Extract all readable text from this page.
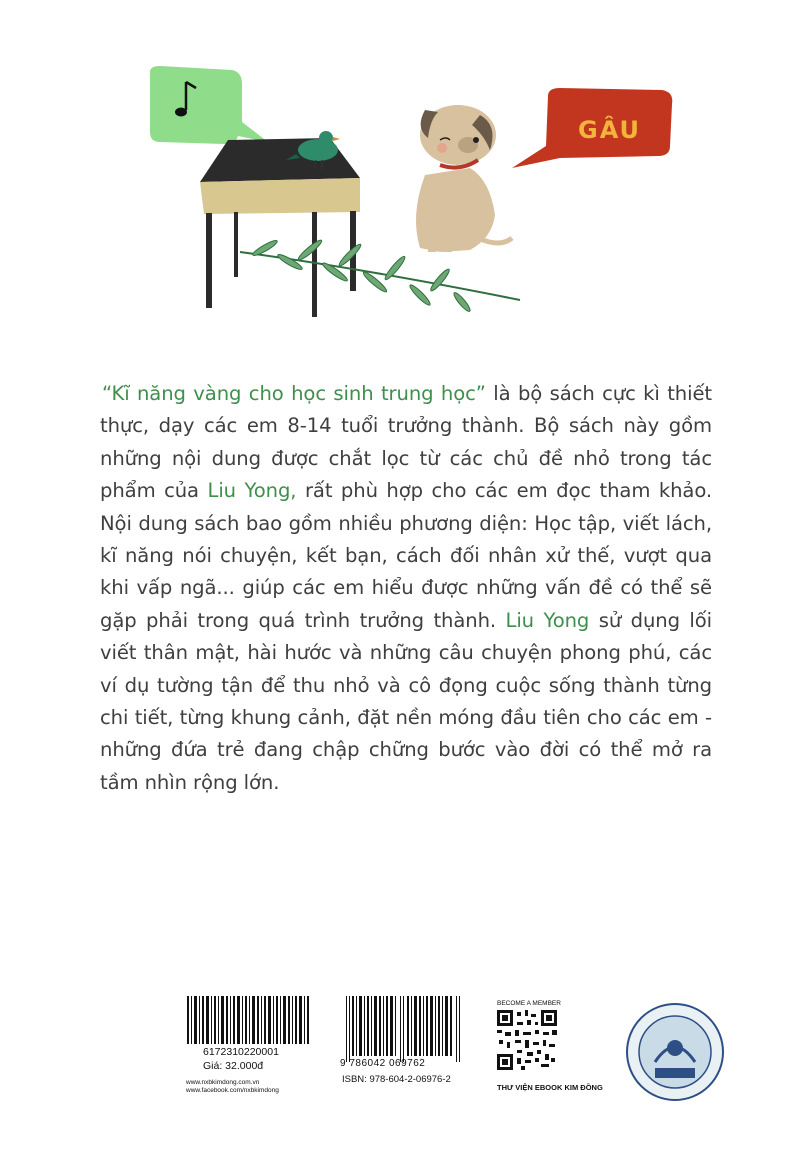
GÂU
“Kĩ năng vàng cho học sinh trung học” là bộ sách cực kì thiết thực, dạy các em 8-14 tuổi trưởng thành. Bộ sách này gồm những nội dung được chắt lọc từ các chủ đề nhỏ trong tác phẩm của Liu Yong, rất phù hợp cho các em đọc tham khảo. Nội dung sách bao gồm nhiều phương diện: Học tập, viết lách, kĩ năng nói chuyện, kết bạn, cách đối nhân xử thế, vượt qua khi vấp ngã... giúp các em hiểu được những vấn đề có thể sẽ gặp phải trong quá trình trưởng thành. Liu Yong sử dụng lối viết thân mật, hài hước và những câu chuyện phong phú, các ví dụ tường tận để thu nhỏ và cô đọng cuộc sống thành từng chi tiết, từng khung cảnh, đặt nền móng đầu tiên cho các em - những đứa trẻ đang chập chững bước vào đời có thể mở ra tầm nhìn rộng lớn.
6172310220001
Giá: 32.000đ
www.nxbkimdong.com.vn
www.facebook.com/nxbkimdong
9 786042 069762
ISBN: 978-604-2-06976-2
BECOME A MEMBER
THƯ VIỆN EBOOK KIM ĐỒNG
